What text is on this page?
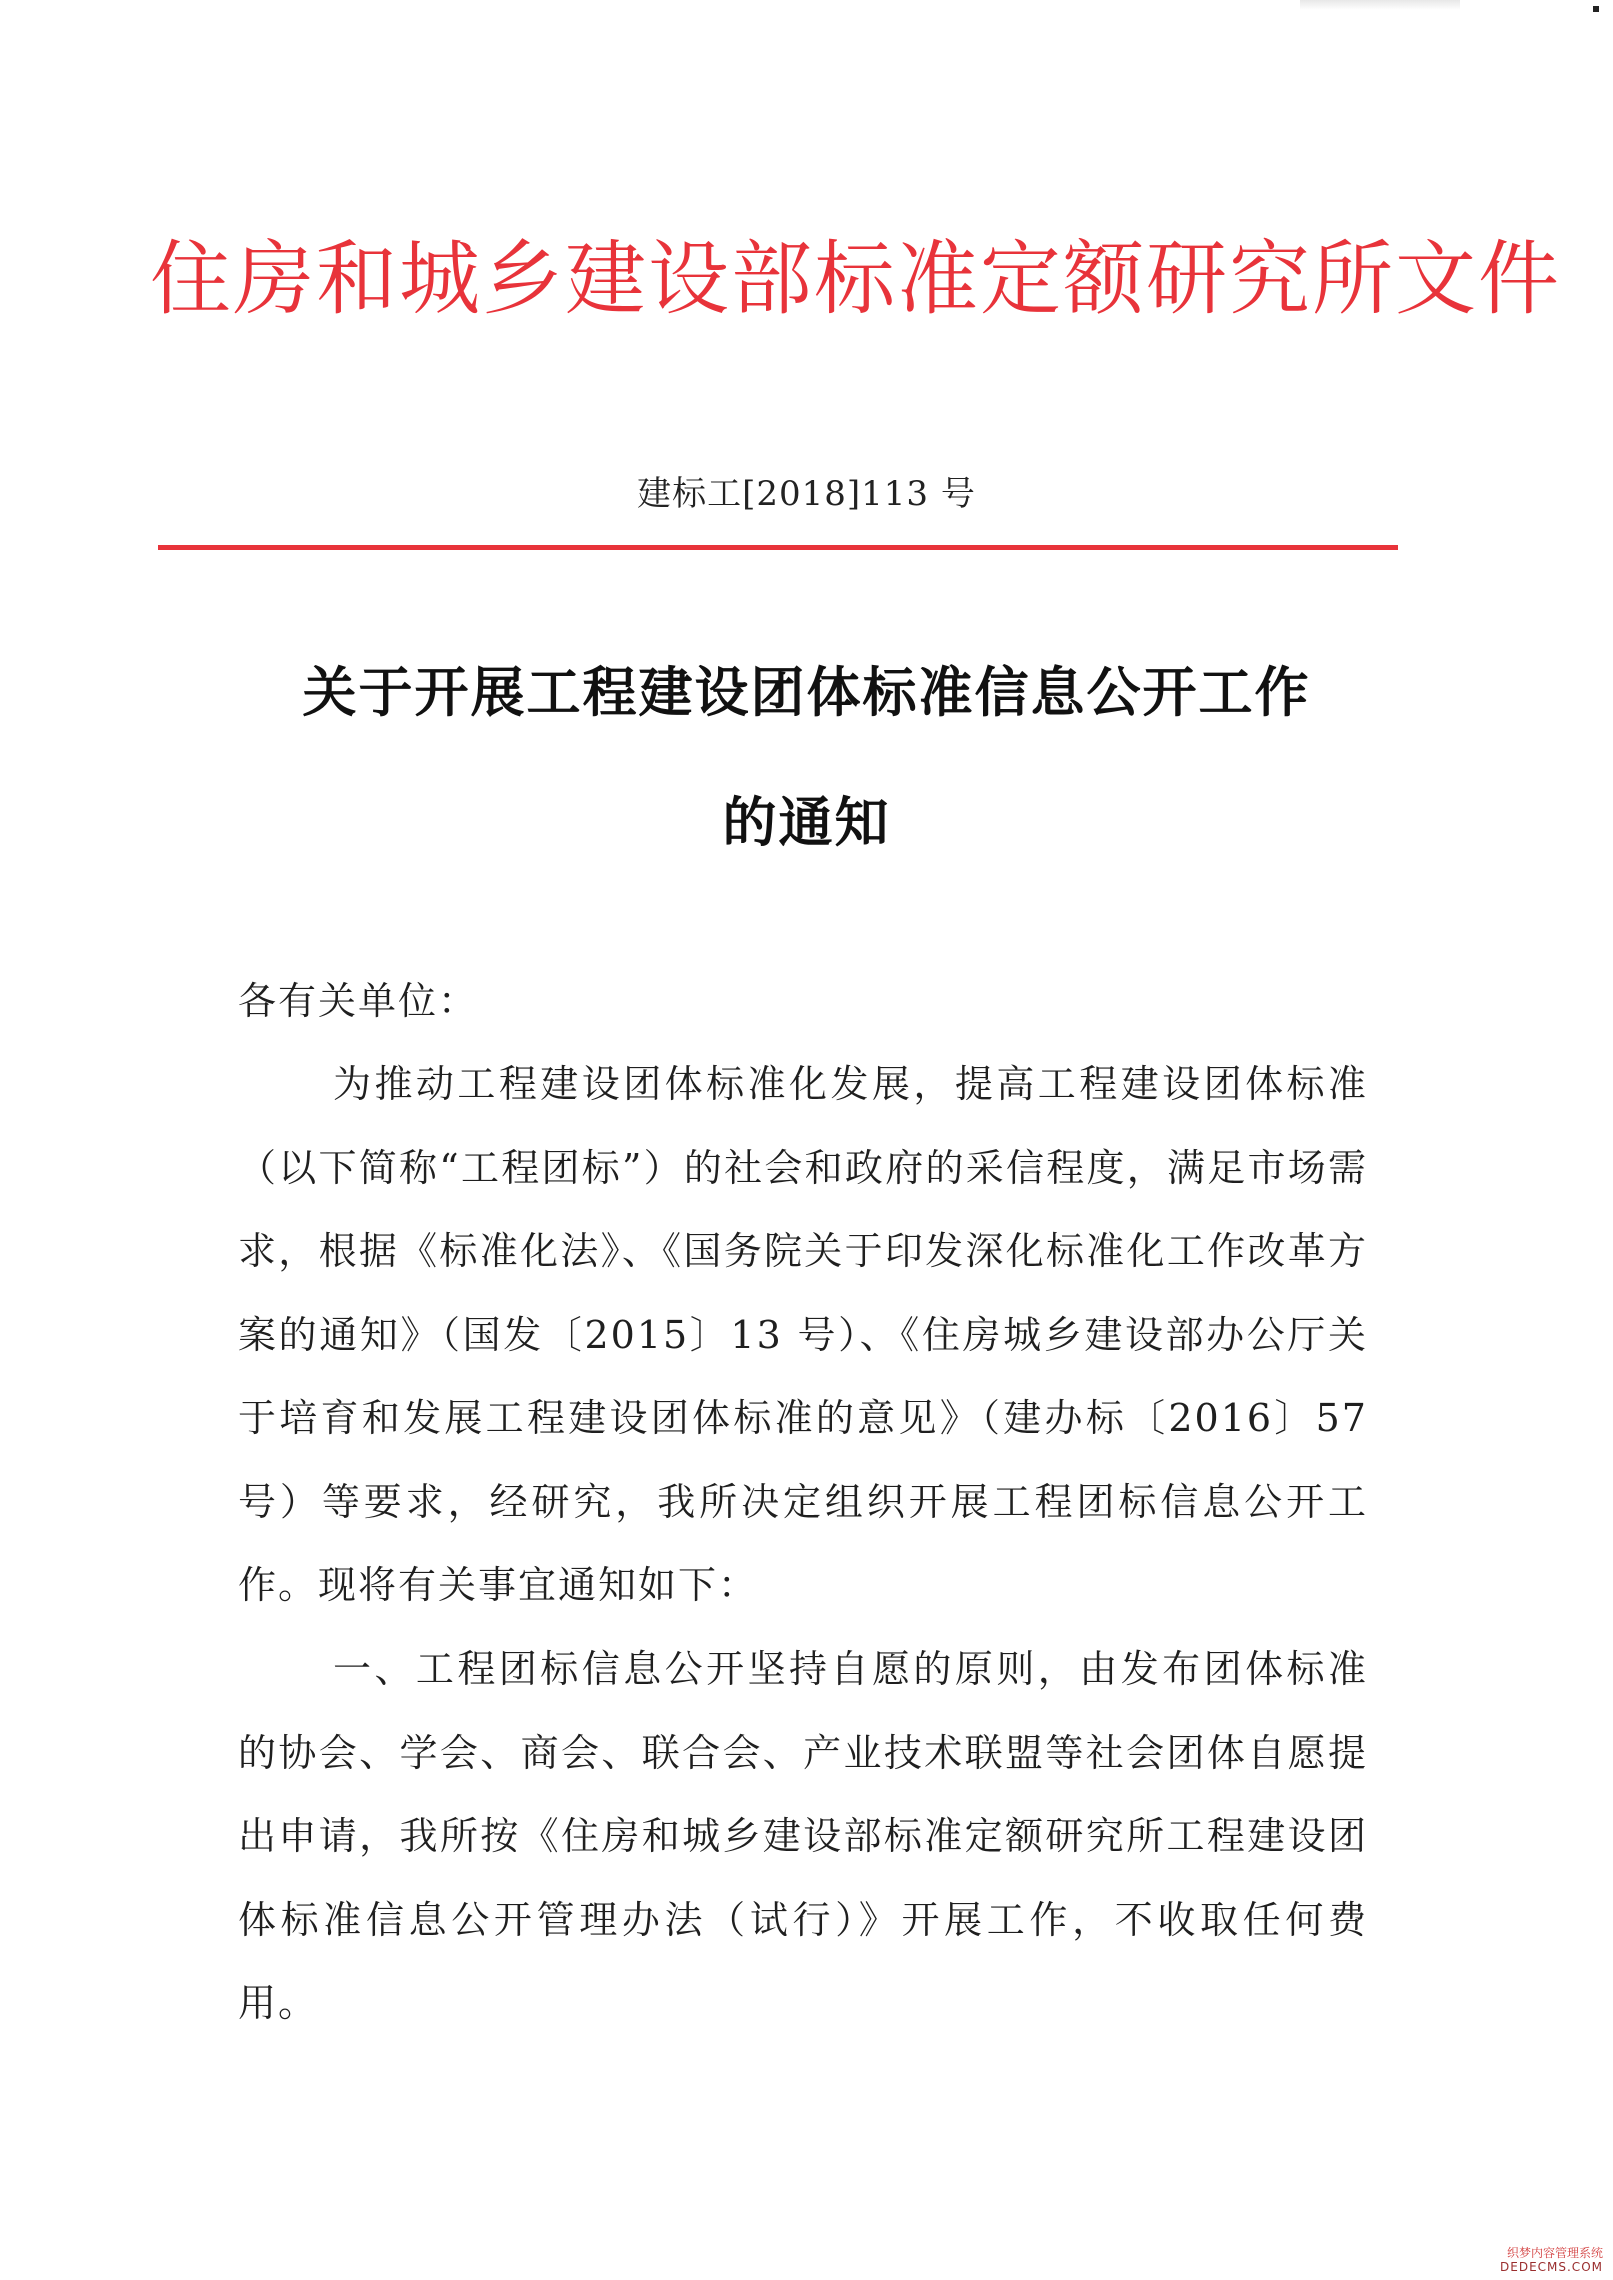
住房和城乡建设部标准定额研究所文件
建标工[2018]113 号
关于开展工程建设团体标准信息公开工作
的通知
各有关单位：

为推动工程建设团体标准化发展，提高工程建设团体标准（以下简称“工程团标”）的社会和政府的采信程度，满足市场需求，根据《标准化法》、《国务院关于印发深化标准化工作改革方案的通知》（国发〔2015〕13 号）、《住房城乡建设部办公厅关于培育和发展工程建设团体标准的意见》（建办标〔2016〕57 号）等要求，经研究，我所决定组织开展工程团标信息公开工作。现将有关事宜通知如下：

一、工程团标信息公开坚持自愿的原则，由发布团体标准的协会、学会、商会、联合会、产业技术联盟等社会团体自愿提出申请，我所按《住房和城乡建设部标准定额研究所工程建设团体标准信息公开管理办法（试行）》开展工作，不收取任何费用。

织梦内容管理系统
DEDECMS.COM
